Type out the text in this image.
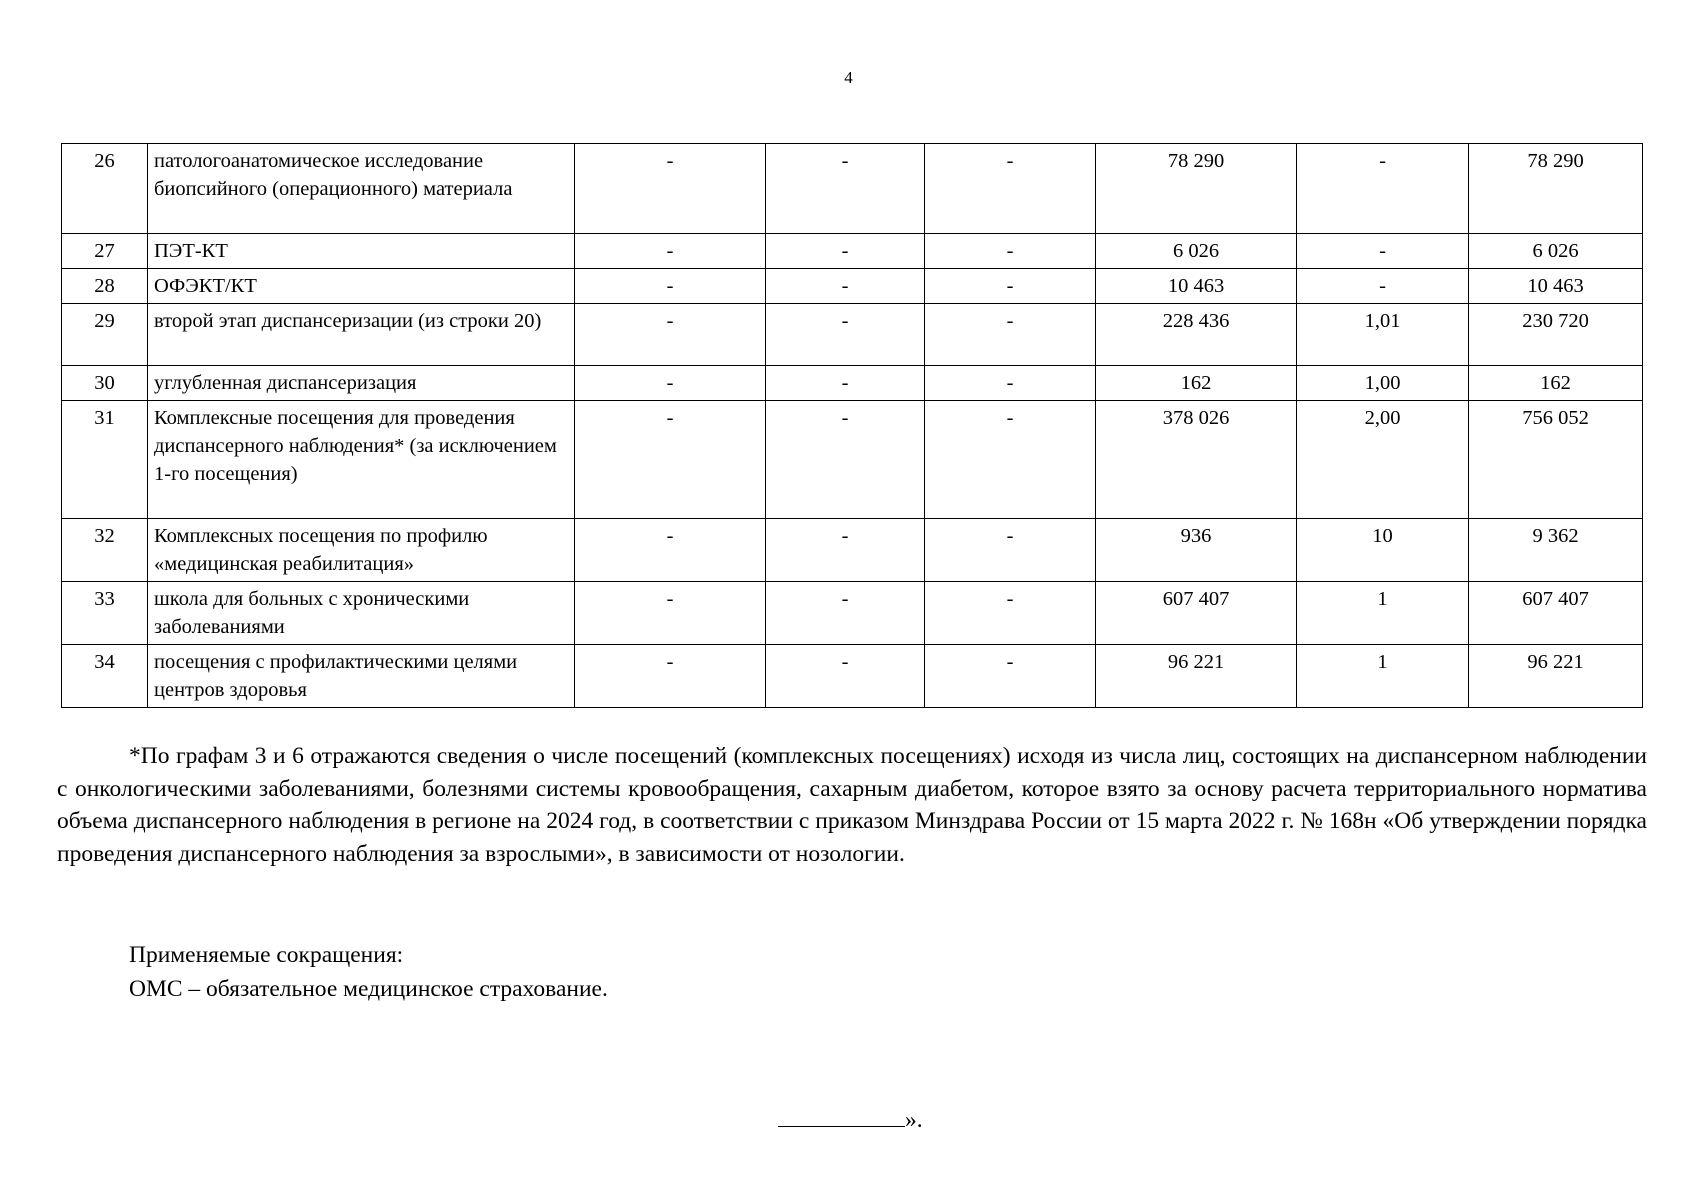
4
26	патологоанатомическое исследование биопсийного (операционного) материала	-	-	-	78 290	-	78 290
27	ПЭТ-КТ	-	-	-	6 026	-	6 026
28	ОФЭКТ/КТ	-	-	-	10 463	-	10 463
29	второй этап диспансеризации (из строки 20)	-	-	-	228 436	1,01	230 720
30	углубленная диспансеризация	-	-	-	162	1,00	162
31	Комплексные посещения для проведения диспансерного наблюдения* (за исключением 1-го посещения)	-	-	-	378 026	2,00	756 052
32	Комплексных посещения по профилю «медицинская реабилитация»	-	-	-	936	10	9 362
33	школа для больных с хроническими заболеваниями	-	-	-	607 407	1	607 407
34	посещения с профилактическими целями центров здоровья	-	-	-	96 221	1	96 221

*По графам 3 и 6 отражаются сведения о числе посещений (комплексных посещениях) исходя из числа лиц, состоящих на диспансерном наблюдении с онкологическими заболеваниями, болезнями системы кровообращения, сахарным диабетом, которое взято за основу расчета территориального норматива объема диспансерного наблюдения в регионе на 2024 год, в соответствии с приказом Минздрава России от 15 марта 2022 г. № 168н «Об утверждении порядка проведения диспансерного наблюдения за взрослыми», в зависимости от нозологии.

Применяемые сокращения:
ОМС – обязательное медицинское страхование.
».
